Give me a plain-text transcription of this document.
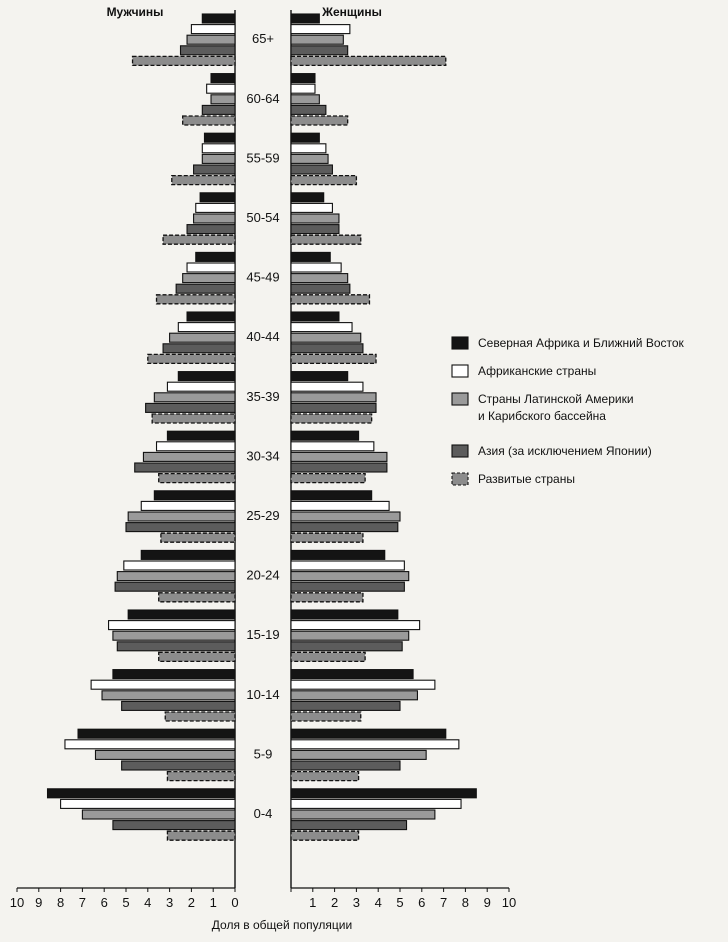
65+
60-64
55-59
50-54
45-49
40-44
35-39
30-34
25-29
20-24
15-19
10-14
5-9
0-4
Мужчины	Женщины
10 9 8 7 6 5 4 3 2 1 0	1 2 3 4 5 6 7 8 9 10
Доля в общей популяции
Северная Африка и Ближний Восток
Африканские страны
Страны Латинской Америки и Карибского бассейна
Азия (за исключением Японии)
Развитые страны
